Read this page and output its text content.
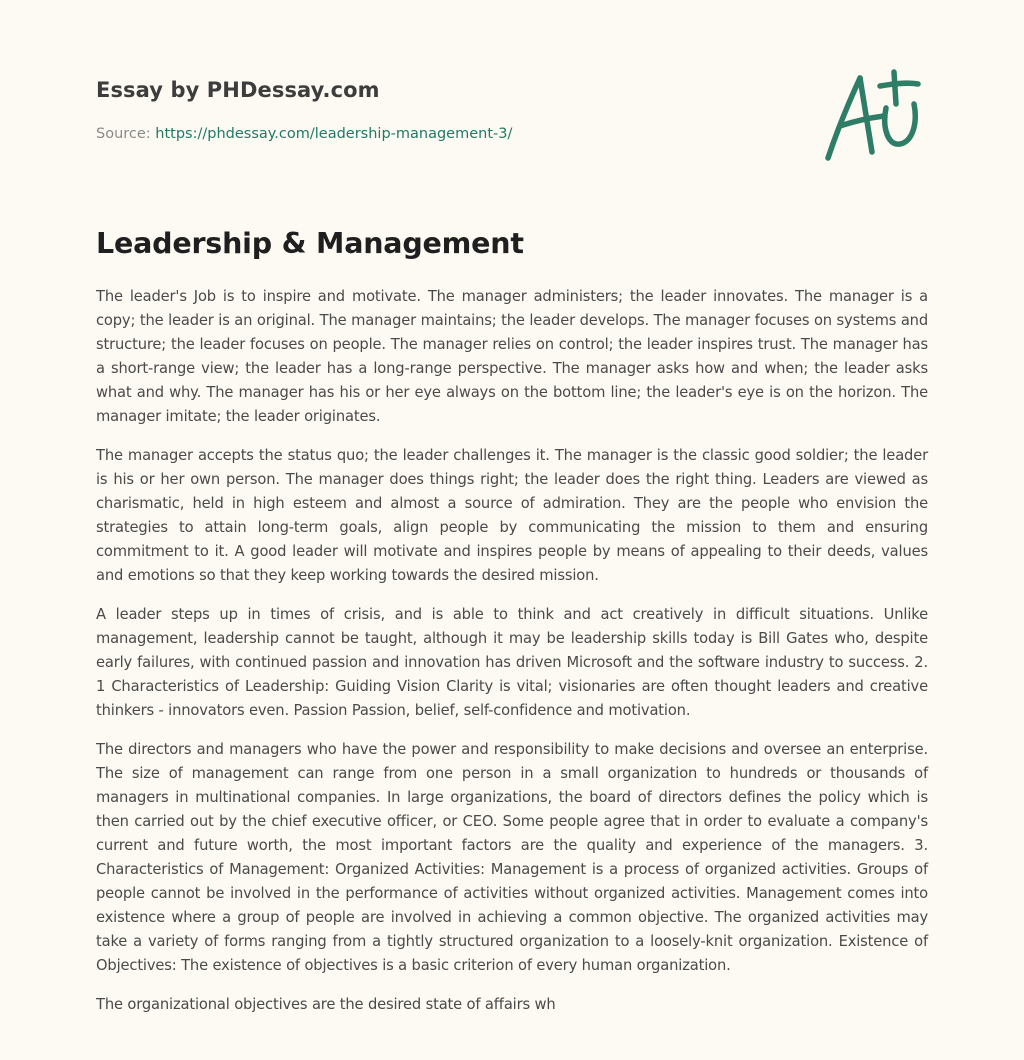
Essay by PHDessay.com
Source: https://phdessay.com/leadership-management-3/
Leadership & Management

The leader's Job is to inspire and motivate. The manager administers; the leader innovates. The manager is a copy; the leader is an original. The manager maintains; the leader develops. The manager focuses on systems and structure; the leader focuses on people. The manager relies on control; the leader inspires trust. The manager has a short-range view; the leader has a long-range perspective. The manager asks how and when; the leader asks what and why. The manager has his or her eye always on the bottom line; the leader's eye is on the horizon. The manager imitate; the leader originates.

The manager accepts the status quo; the leader challenges it. The manager is the classic good soldier; the leader is his or her own person. The manager does things right; the leader does the right thing. Leaders are viewed as charismatic, held in high esteem and almost a source of admiration. They are the people who envision the strategies to attain long-term goals, align people by communicating the mission to them and ensuring commitment to it. A good leader will motivate and inspires people by means of appealing to their deeds, values and emotions so that they keep working towards the desired mission.

A leader steps up in times of crisis, and is able to think and act creatively in difficult situations. Unlike management, leadership cannot be taught, although it may be leadership skills today is Bill Gates who, despite early failures, with continued passion and innovation has driven Microsoft and the software industry to success. 2. 1 Characteristics of Leadership: Guiding Vision Clarity is vital; visionaries are often thought leaders and creative thinkers - innovators even. Passion Passion, belief, self-confidence and motivation.

The directors and managers who have the power and responsibility to make decisions and oversee an enterprise. The size of management can range from one person in a small organization to hundreds or thousands of managers in multinational companies. In large organizations, the board of directors defines the policy which is then carried out by the chief executive officer, or CEO. Some people agree that in order to evaluate a company's current and future worth, the most important factors are the quality and experience of the managers. 3. Characteristics of Management: Organized Activities: Management is a process of organized activities. Groups of people cannot be involved in the performance of activities without organized activities. Management comes into existence where a group of people are involved in achieving a common objective. The organized activities may take a variety of forms ranging from a tightly structured organization to a loosely-knit organization. Existence of Objectives: The existence of objectives is a basic criterion of every human organization.

The organizational objectives are the desired state of affairs wh
